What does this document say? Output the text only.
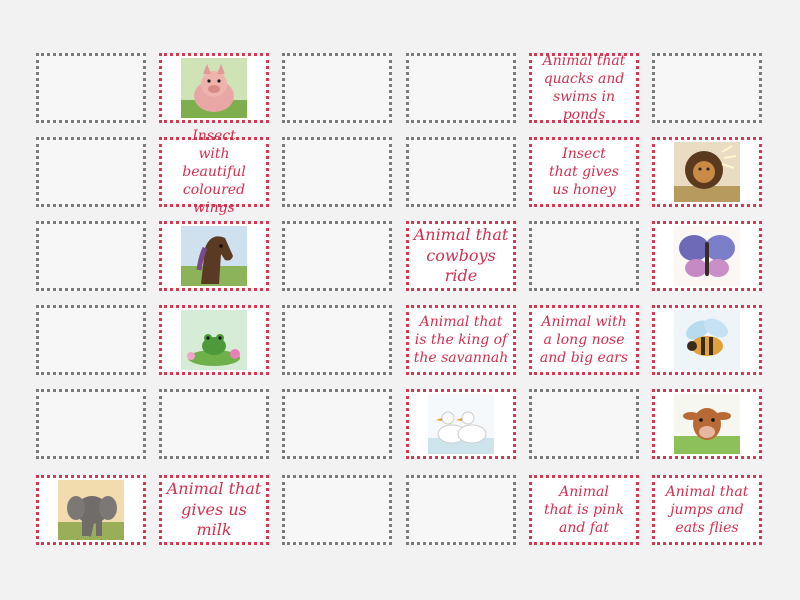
Animal that
quacks and
swims in ponds
Insect
with beautiful
coloured wings
Insect
that gives
us honey
Animal that
cowboys ride
Animal that
is the king of
the savannah
Animal with
a long nose
and big ears
Animal that
gives us milk
Animal
that is pink
and fat
Animal that
jumps and
eats flies
